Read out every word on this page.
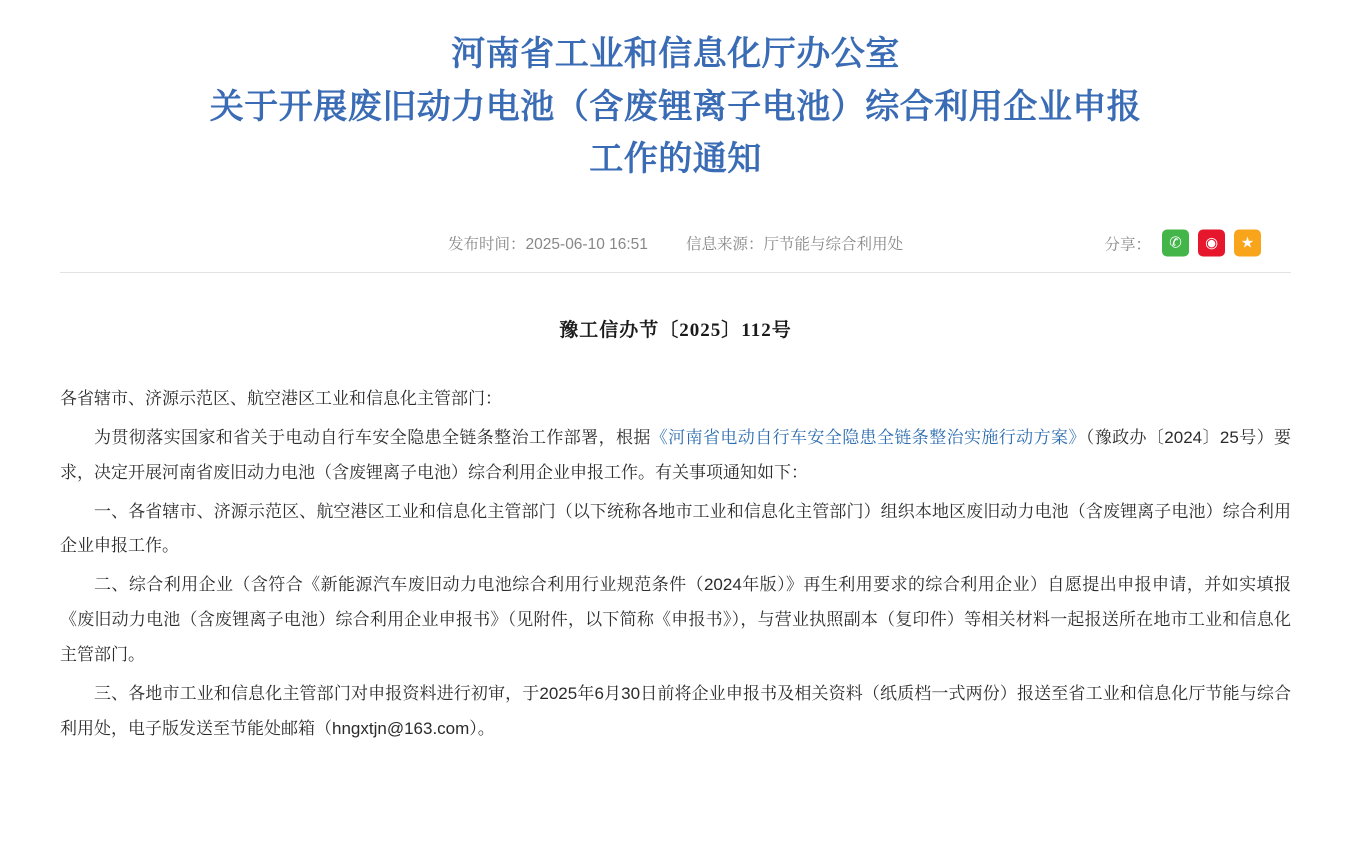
河南省工业和信息化厅办公室
关于开展废旧动力电池（含废锂离子电池）综合利用企业申报
工作的通知
发布时间：2025-06-10 16:51 信息来源：厅节能与综合利用处	分享：	✆	◉	★
豫工信办节〔2025〕112号

各省辖市、济源示范区、航空港区工业和信息化主管部门：

为贯彻落实国家和省关于电动自行车安全隐患全链条整治工作部署，根据《河南省电动自行车安全隐患全链条整治实施行动方案》（豫政办〔2024〕25号）要求，决定开展河南省废旧动力电池（含废锂离子电池）综合利用企业申报工作。有关事项通知如下：

一、各省辖市、济源示范区、航空港区工业和信息化主管部门（以下统称各地市工业和信息化主管部门）组织本地区废旧动力电池（含废锂离子电池）综合利用企业申报工作。

二、综合利用企业（含符合《新能源汽车废旧动力电池综合利用行业规范条件（2024年版）》再生利用要求的综合利用企业）自愿提出申报申请，并如实填报《废旧动力电池（含废锂离子电池）综合利用企业申报书》（见附件，以下简称《申报书》），与营业执照副本（复印件）等相关材料一起报送所在地市工业和信息化主管部门。

三、各地市工业和信息化主管部门对申报资料进行初审，于2025年6月30日前将企业申报书及相关资料（纸质档一式两份）报送至省工业和信息化厅节能与综合利用处，电子版发送至节能处邮箱（hngxtjn@163.com）。
